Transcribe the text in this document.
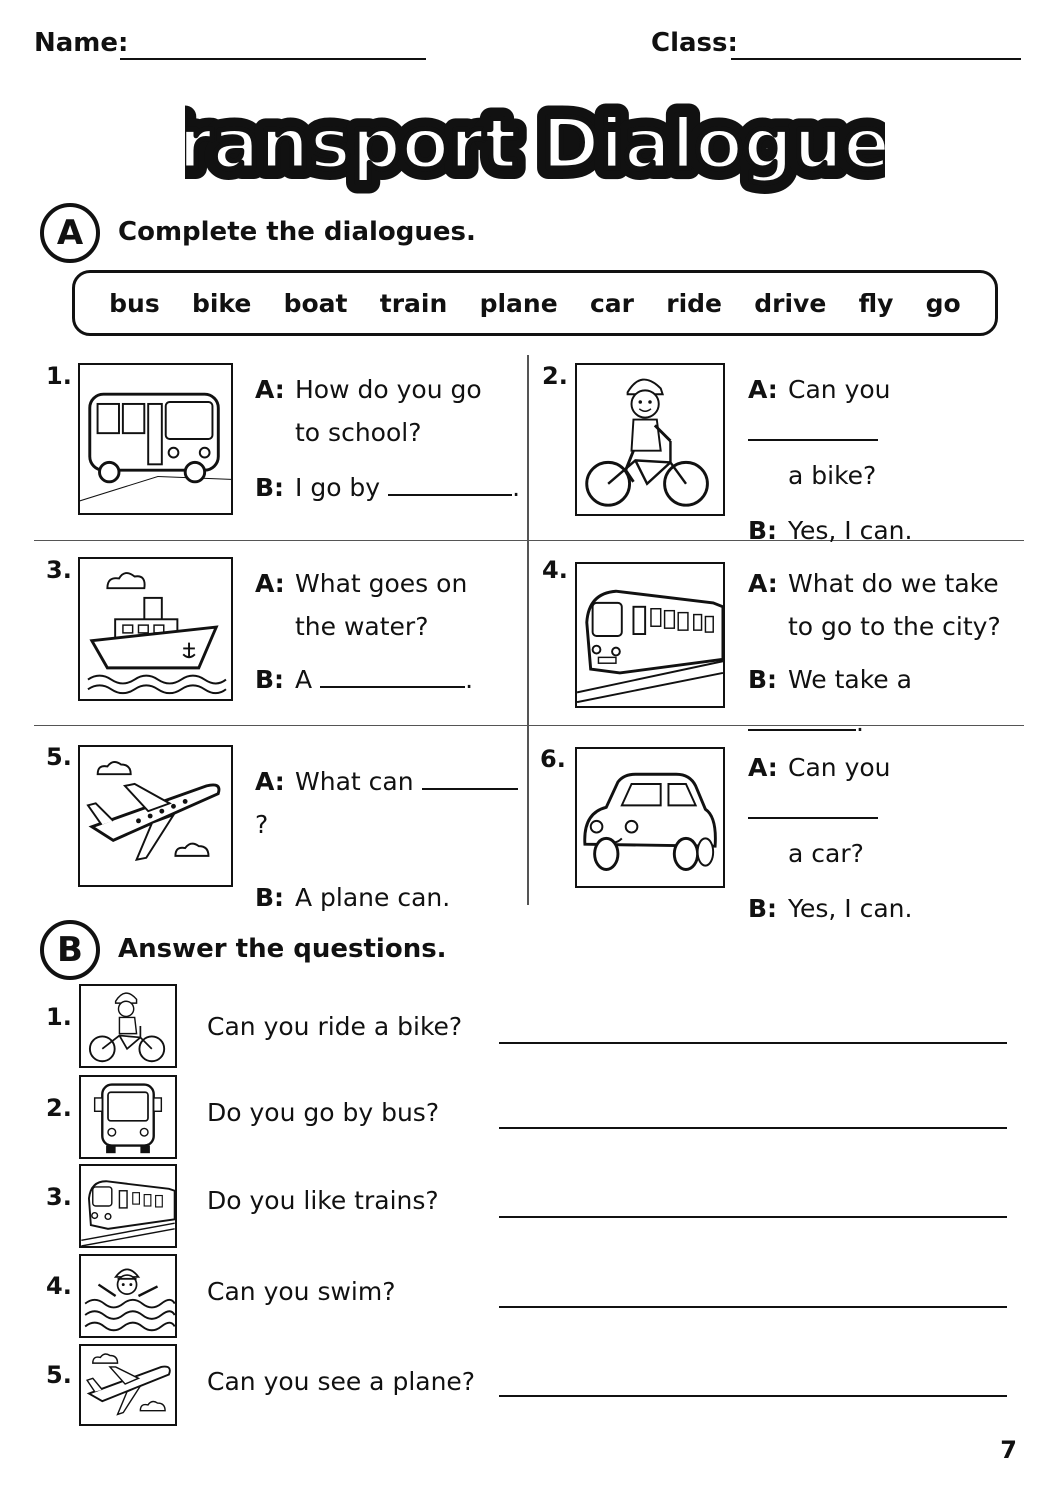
Name:	Class:
ransport Dialogue
ransport Dialogue
A Complete the dialogues.
bus bike boat train plane car ride drive fly go
1.	A: How do you go
to school?
B: I go by	.
2.	A: Can you
a bike?
B: Yes, I can.
3.	A: What goes on
the water?
B: A	.
4.	A: What do we take
to go to the city?
B: We take a .
5.
A: What can ?
B: A plane can.
6.	A: Can you
a car?
B: Yes, I can.
B Answer the questions.
1.	Can you ride a bike?
2.	Do you go by bus?
3.	Do you like trains?
4.	Can you swim?
5.	Can you see a plane?
7
